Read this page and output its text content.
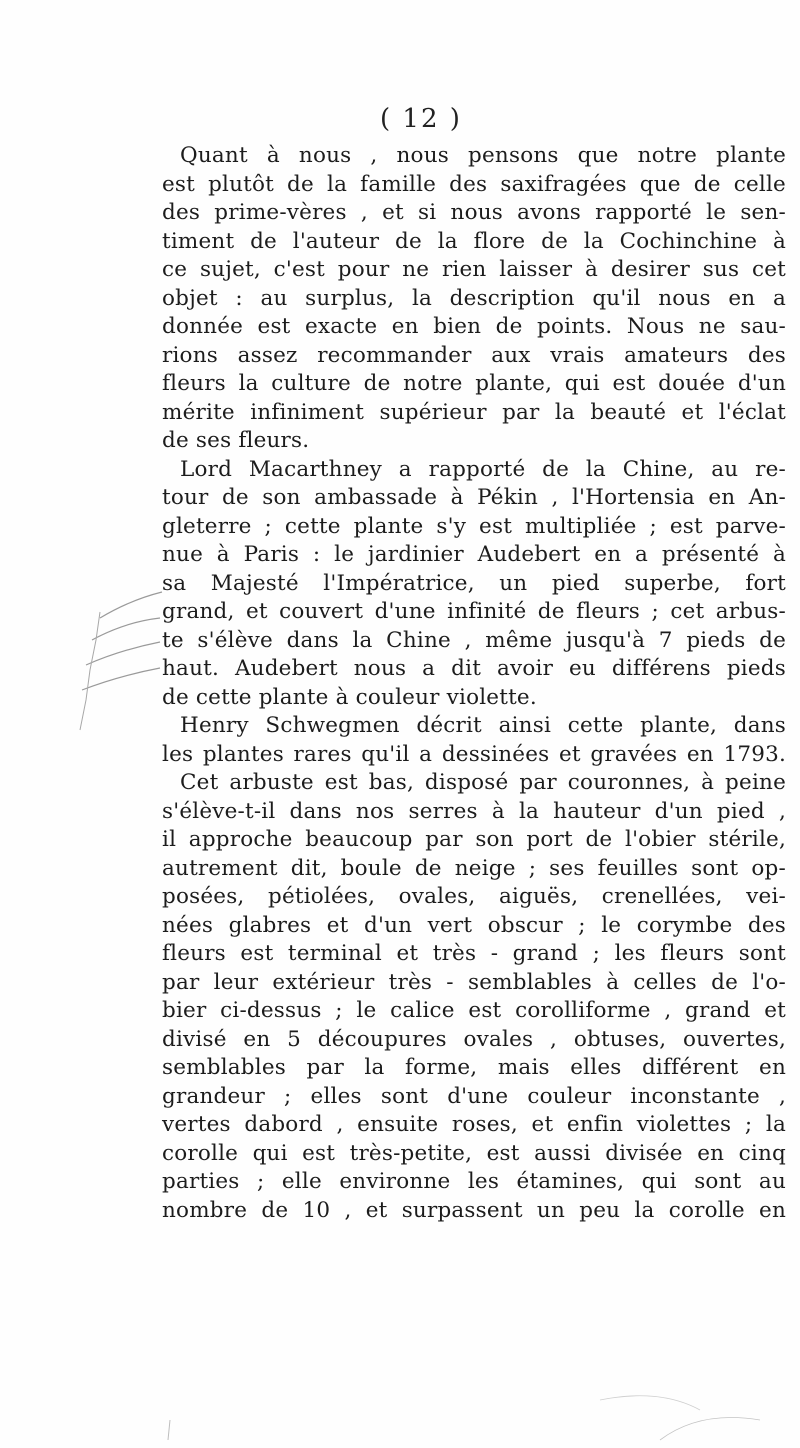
( 12 )
Quant à nous , nous pensons que notre plante
est plutôt de la famille des saxifragées que de celle
des prime-vères , et si nous avons rapporté le sen-
timent de l'auteur de la flore de la Cochinchine à
ce sujet, c'est pour ne rien laisser à desirer sus cet
objet : au surplus, la description qu'il nous en a
donnée est exacte en bien de points. Nous ne sau-
rions assez recommander aux vrais amateurs des
fleurs la culture de notre plante, qui est douée d'un
mérite infiniment supérieur par la beauté et l'éclat
de ses fleurs.
Lord Macarthney a rapporté de la Chine, au re-
tour de son ambassade à Pékin , l'Hortensia en An-
gleterre ; cette plante s'y est multipliée ; est parve-
nue à Paris : le jardinier Audebert en a présenté à
sa Majesté l'Impératrice, un pied superbe, fort
grand, et couvert d'une infinité de fleurs ; cet arbus-
te s'élève dans la Chine , même jusqu'à 7 pieds de
haut. Audebert nous a dit avoir eu différens pieds
de cette plante à couleur violette.
Henry Schwegmen décrit ainsi cette plante, dans
les plantes rares qu'il a dessinées et gravées en 1793.
Cet arbuste est bas, disposé par couronnes, à peine
s'élève-t-il dans nos serres à la hauteur d'un pied ,
il approche beaucoup par son port de l'obier stérile,
autrement dit, boule de neige ; ses feuilles sont op-
posées, pétiolées, ovales, aiguës, crenellées, vei-
nées glabres et d'un vert obscur ; le corymbe des
fleurs est terminal et très - grand ; les fleurs sont
par leur extérieur très - semblables à celles de l'o-
bier ci-dessus ; le calice est corolliforme , grand et
divisé en 5 découpures ovales , obtuses, ouvertes,
semblables par la forme, mais elles différent en
grandeur ; elles sont d'une couleur inconstante ,
vertes dabord , ensuite roses, et enfin violettes ; la
corolle qui est très-petite, est aussi divisée en cinq
parties ; elle environne les étamines, qui sont au
nombre de 10 , et surpassent un peu la corolle en
